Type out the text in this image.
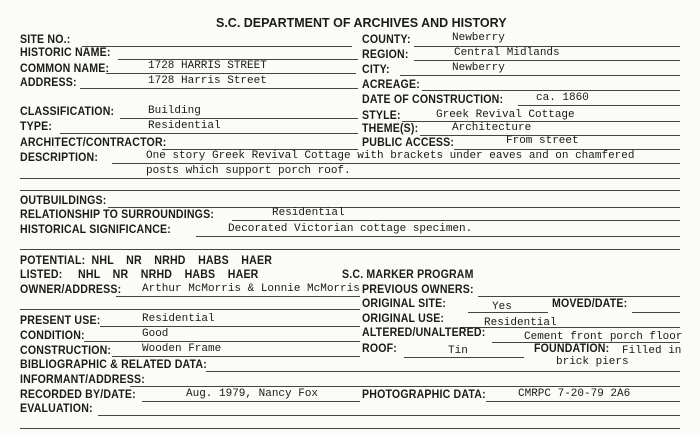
S.C. DEPARTMENT OF ARCHIVES AND HISTORY
SITE NO.:
HISTORIC NAME:
COMMON NAME:	1728 HARRIS STREET
ADDRESS:	1728 Harris Street
CLASSIFICATION:	Building
TYPE:	Residential
ARCHITECT/CONTRACTOR:
DESCRIPTION:	One story Greek Revival Cottage with brackets under eaves and on chamfered
posts which support porch roof.
OUTBUILDINGS:
RELATIONSHIP TO SURROUNDINGS:	Residential
HISTORICAL SIGNIFICANCE:	Decorated Victorian cottage specimen.
POTENTIAL:  NHL    NR    NRHD    HABS    HAER
LISTED:     NHL    NR    NRHD    HABS    HAER	S.C. MARKER PROGRAM
OWNER/ADDRESS: Arthur McMorris & Lonnie McMorris
PRESENT USE:	Residential
CONDITION:	Good
CONSTRUCTION:	Wooden Frame
BIBLIOGRAPHIC & RELATED DATA:
INFORMANT/ADDRESS:
RECORDED BY/DATE:	Aug. 1979, Nancy Fox
EVALUATION:
COUNTY:	Newberry
REGION:	Central Midlands
CITY:	Newberry
ACREAGE:
DATE OF CONSTRUCTION:	ca. 1860
STYLE:	Greek Revival Cottage
THEME(S):	Architecture
PUBLIC ACCESS:	From street
PREVIOUS OWNERS:
ORIGINAL SITE:	Yes	MOVED/DATE:
ORIGINAL USE:	Residential
ALTERED/UNALTERED:	Cement front porch floor
ROOF:	Tin	FOUNDATION: Filled in
brick piers
PHOTOGRAPHIC DATA:	CMRPC 7-20-79 2A6
